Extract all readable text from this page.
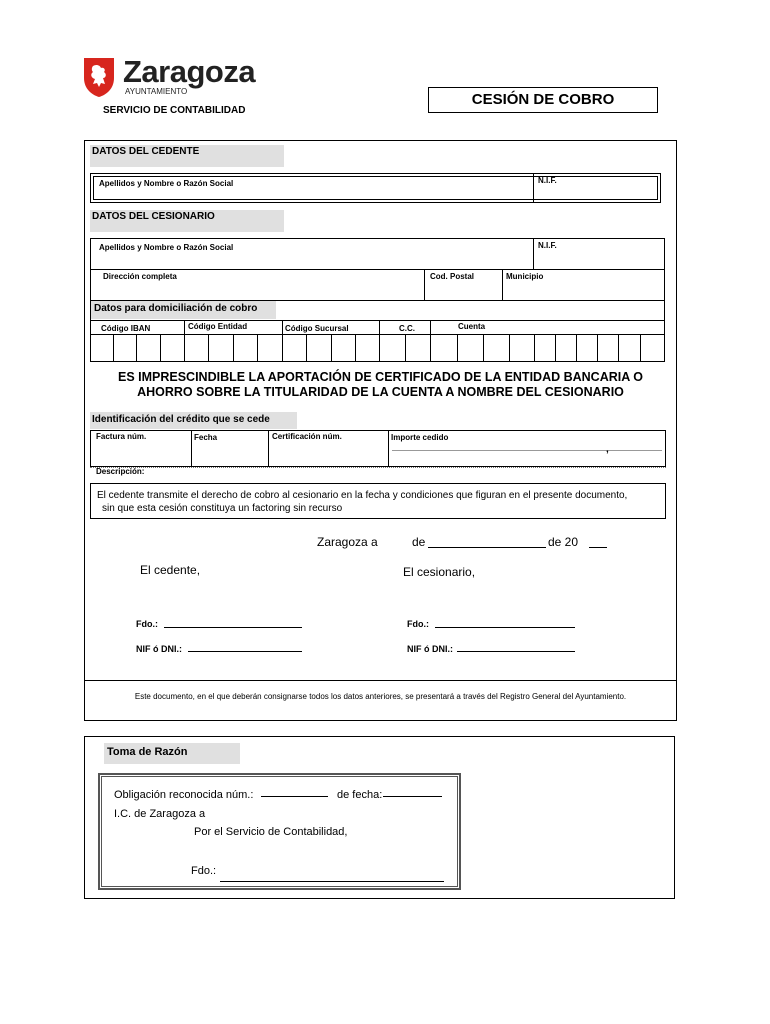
Zaragoza
AYUNTAMIENTO
SERVICIO DE CONTABILIDAD
CESIÓN DE COBRO
DATOS DEL CEDENTE
Apellidos y Nombre o Razón Social	N.I.F.
DATOS DEL CESIONARIO
Apellidos y Nombre o Razón Social	N.I.F.
Dirección completa	Cod. Postal	Municipio
Datos para domiciliación de cobro
Código IBAN	Código Entidad	Código Sucursal	C.C.	Cuenta
ES IMPRESCINDIBLE LA APORTACIÓN DE CERTIFICADO DE LA ENTIDAD BANCARIA O
AHORRO SOBRE LA TITULARIDAD DE LA CUENTA A NOMBRE DEL CESIONARIO
Identificación del crédito que se cede
Factura núm.	Fecha	Certificación núm.	Importe cedido
,
Descripción:
El cedente transmite el derecho de cobro al cesionario en la fecha y condiciones que figuran en el presente documento,
sin que esta cesión constituya un factoring sin recurso
Zaragoza a	de	de 20
El cedente,	El cesionario,
Fdo.:	Fdo.:
NIF ó DNI.:	NIF ó DNI.:
Este documento, en el que deberán consignarse todos los datos anteriores, se presentará a través del Registro General del Ayuntamiento.
Toma de Razón
Obligación reconocida núm.:	de fecha:
I.C. de Zaragoza a
Por el Servicio de Contabilidad,
Fdo.:
